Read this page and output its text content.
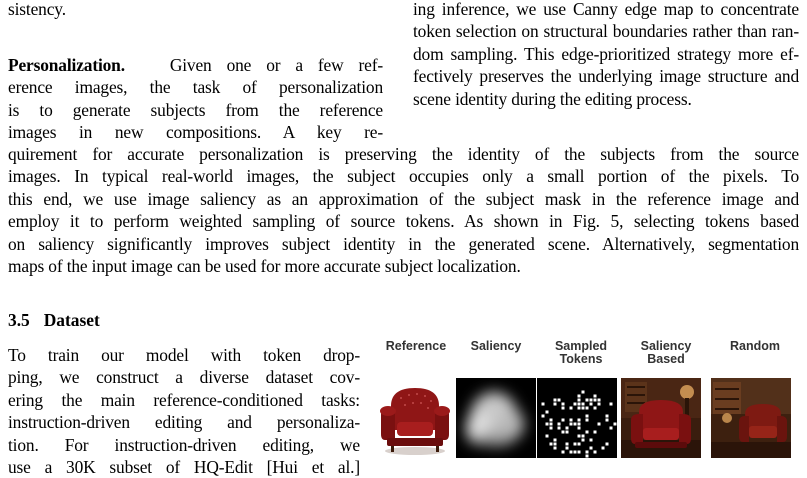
sistency.	ing inference, we use Canny edge map to concentrate
token selection on structural boundaries rather than ran-
dom sampling. This edge-prioritized strategy more ef-
fectively preserves the underlying image structure and
scene identity during the editing process.

Personalization.	Given one or a few ref-
erence images, the task of personalization
is to generate subjects from the reference
images in new compositions. A key re-

quirement for accurate personalization is preserving the identity of the subjects from the source
images. In typical real-world images, the subject occupies only a small portion of the pixels. To
this end, we use image saliency as an approximation of the subject mask in the reference image and
employ it to perform weighted sampling of source tokens. As shown in Fig. 5, selecting tokens based
on saliency significantly improves subject identity in the generated scene. Alternatively, segmentation
maps of the input image can be used for more accurate subject localization.

3.5 Dataset

To train our model with token drop-
ping, we construct a diverse dataset cov-
ering the main reference-conditioned tasks:
instruction-driven editing and personaliza-
tion. For instruction-driven editing, we
use a 30K subset of HQ-Edit [Hui et al.]

Reference	Saliency	Sampled Tokens
Saliency Based
Random
